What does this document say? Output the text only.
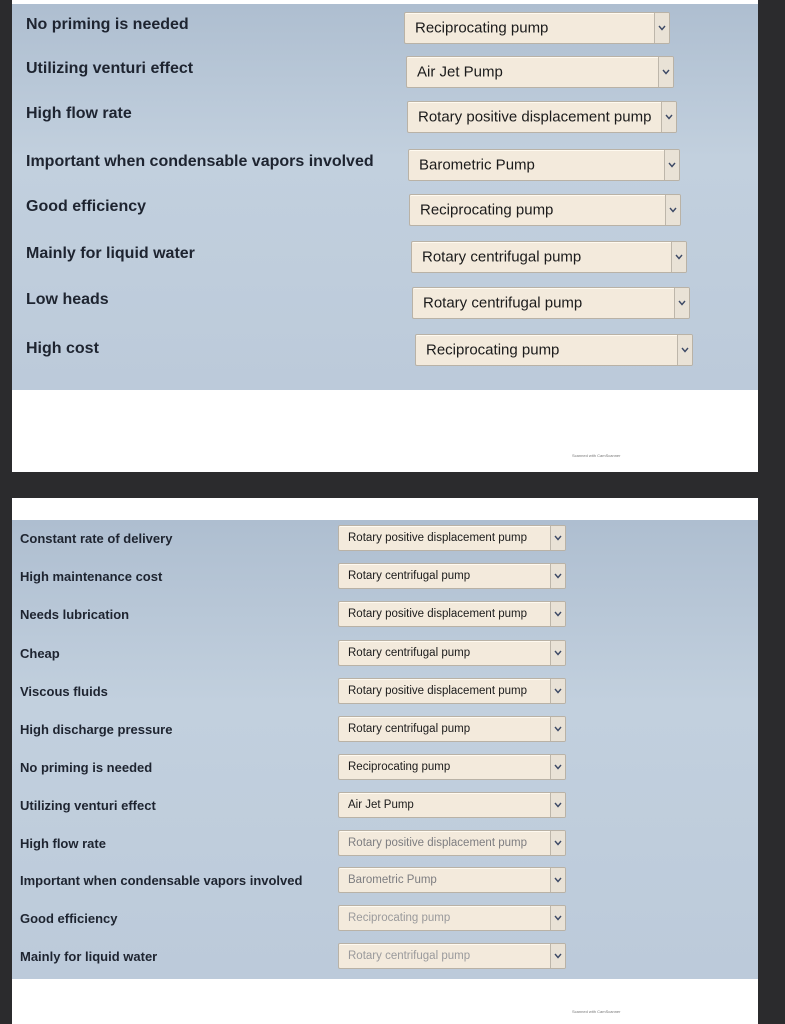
No priming is needed	Reciprocating pump
Utilizing venturi effect	Air Jet Pump
High flow rate	Rotary positive displacement pump
Important when condensable vapors involved	Barometric Pump
Good efficiency	Reciprocating pump
Mainly for liquid water	Rotary centrifugal pump
Low heads	Rotary centrifugal pump
High cost	Reciprocating pump
Scanned with CamScanner
Constant rate of delivery	Rotary positive displacement pump
High maintenance cost	Rotary centrifugal pump
Needs lubrication	Rotary positive displacement pump
Cheap	Rotary centrifugal pump
Viscous fluids	Rotary positive displacement pump
High discharge pressure	Rotary centrifugal pump
No priming is needed	Reciprocating pump
Utilizing venturi effect	Air Jet Pump
High flow rate	Rotary positive displacement pump
Important when condensable vapors involved	Barometric Pump
Good efficiency	Reciprocating pump
Mainly for liquid water	Rotary centrifugal pump
Scanned with CamScanner
